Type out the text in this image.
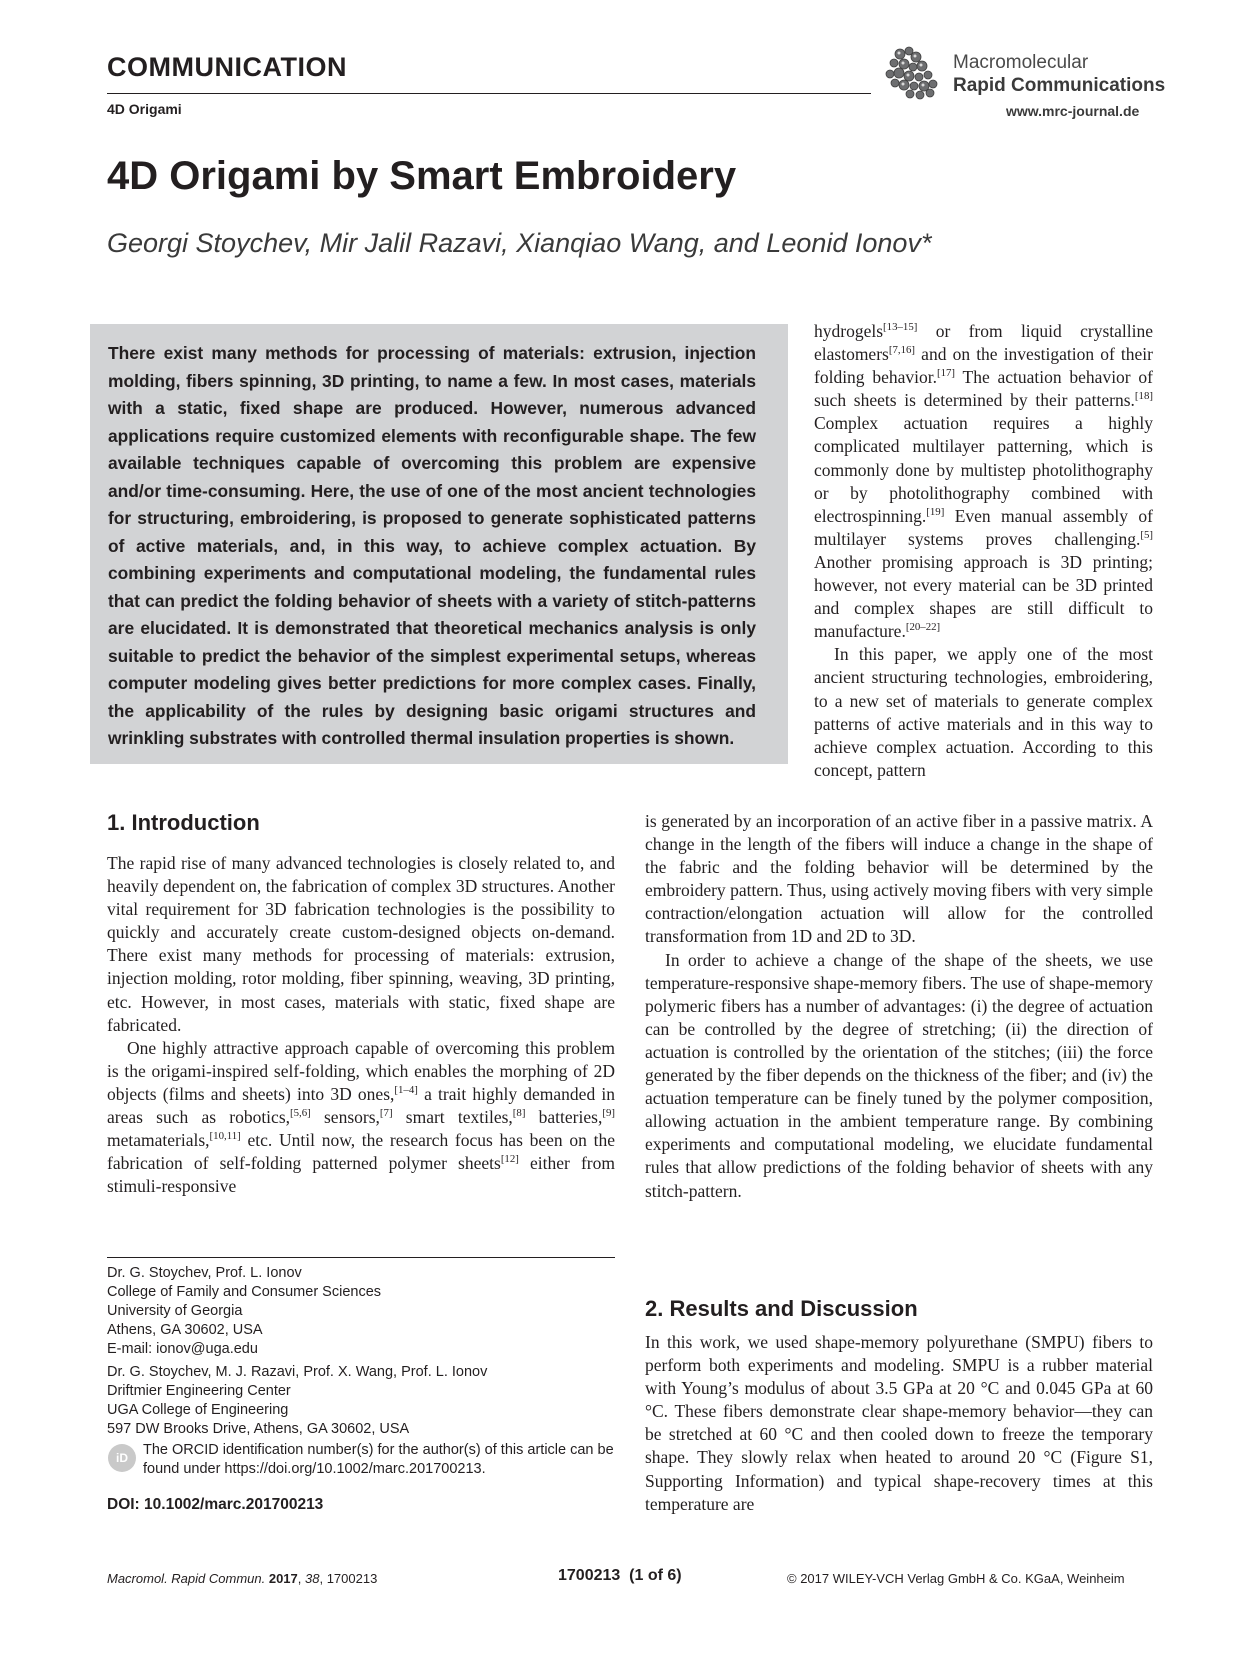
COMMUNICATION
4D Origami
Macromolecular
Rapid Communications
www.mrc-journal.de
4D Origami by Smart Embroidery
Georgi Stoychev, Mir Jalil Razavi, Xianqiao Wang, and Leonid Ionov*
There exist many methods for processing of materials: extrusion, injection molding, fibers spinning, 3D printing, to name a few. In most cases, materials with a static, fixed shape are produced. However, numerous advanced applications require customized elements with reconfigurable shape. The few available techniques capable of overcoming this problem are expensive and/or time-consuming. Here, the use of one of the most ancient technologies for structuring, embroidering, is proposed to generate sophisticated patterns of active materials, and, in this way, to achieve complex actuation. By combining experiments and computational modeling, the fundamental rules that can predict the folding behavior of sheets with a variety of stitch-patterns are elucidated. It is demonstrated that theoretical mechanics analysis is only suitable to predict the behavior of the simplest experimental setups, whereas computer modeling gives better predictions for more complex cases. Finally, the applicability of the rules by designing basic origami structures and wrinkling substrates with controlled thermal insulation properties is shown.

hydrogels[13–15] or from liquid crystalline elastomers[7,16] and on the investigation of their folding behavior.[17] The actuation behavior of such sheets is determined by their patterns.[18] Complex actuation requires a highly complicated multilayer patterning, which is commonly done by multistep photolithography or by photolithography combined with electrospinning.[19] Even manual assembly of multilayer systems proves challenging.[5] Another promising approach is 3D printing; however, not every material can be 3D printed and complex shapes are still difficult to manufacture.[20–22]

In this paper, we apply one of the most ancient structuring technologies, embroidering, to a new set of materials to generate complex patterns of active materials and in this way to achieve complex actuation. According to this concept, pattern

is generated by an incorporation of an active fiber in a passive matrix. A change in the length of the fibers will induce a change in the shape of the fabric and the folding behavior will be determined by the embroidery pattern. Thus, using actively moving fibers with very simple contraction/elongation actuation will allow for the controlled transformation from 1D and 2D to 3D.

In order to achieve a change of the shape of the sheets, we use temperature-responsive shape-memory fibers. The use of shape-memory polymeric fibers has a number of advantages: (i) the degree of actuation can be controlled by the degree of stretching; (ii) the direction of actuation is controlled by the orientation of the stitches; (iii) the force generated by the fiber depends on the thickness of the fiber; and (iv) the actuation temperature can be finely tuned by the polymer composition, allowing actuation in the ambient temperature range. By combining experiments and computational modeling, we elucidate fundamental rules that allow predictions of the folding behavior of sheets with any stitch-pattern.

2. Results and Discussion

In this work, we used shape-memory polyurethane (SMPU) fibers to perform both experiments and modeling. SMPU is a rubber material with Young’s modulus of about 3.5 GPa at 20 °C and 0.045 GPa at 60 °C. These fibers demonstrate clear shape-memory behavior—they can be stretched at 60 °C and then cooled down to freeze the temporary shape. They slowly relax when heated to around 20 °C (Figure S1, Supporting Information) and typical shape-recovery times at this temperature are

1. Introduction

The rapid rise of many advanced technologies is closely related to, and heavily dependent on, the fabrication of complex 3D structures. Another vital requirement for 3D fabrication technologies is the possibility to quickly and accurately create custom-designed objects on-demand. There exist many methods for processing of materials: extrusion, injection molding, rotor molding, fiber spinning, weaving, 3D printing, etc. However, in most cases, materials with static, fixed shape are fabricated.

One highly attractive approach capable of overcoming this problem is the origami-inspired self-folding, which enables the morphing of 2D objects (films and sheets) into 3D ones,[1–4] a trait highly demanded in areas such as robotics,[5,6] sensors,[7] smart textiles,[8] batteries,[9] metamaterials,[10,11] etc. Until now, the research focus has been on the fabrication of self-folding patterned polymer sheets[12] either from stimuli-responsive

Dr. G. Stoychev, Prof. L. Ionov
College of Family and Consumer Sciences
University of Georgia
Athens, GA 30602, USA
E-mail: ionov@uga.edu
Dr. G. Stoychev, M. J. Razavi, Prof. X. Wang, Prof. L. Ionov
Driftmier Engineering Center
UGA College of Engineering
597 DW Brooks Drive, Athens, GA 30602, USA
iD	The ORCID identification number(s) for the author(s) of this article can be found under https://doi.org/10.1002/marc.201700213.
DOI: 10.1002/marc.201700213
Macromol. Rapid Commun. 2017, 38, 1700213	1700213  (1 of 6)	© 2017 WILEY-VCH Verlag GmbH & Co. KGaA, Weinheim
